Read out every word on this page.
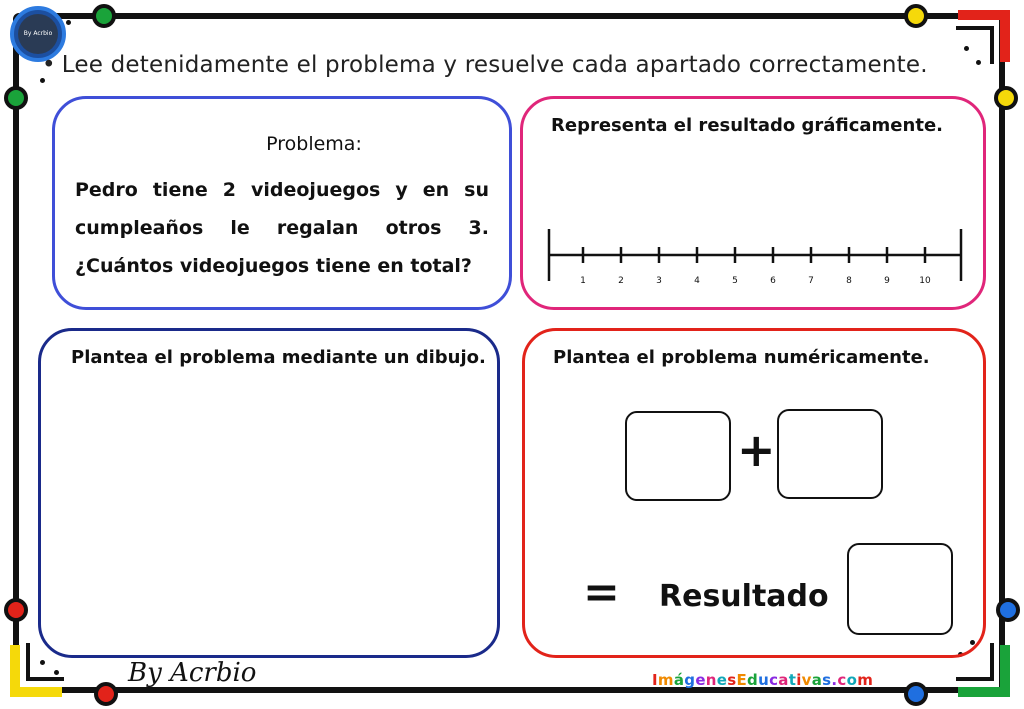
By Acrbio
• Lee detenidamente el problema y resuelve cada apartado correctamente.
Problema:
Pedro tiene 2 videojuegos y en su cumpleaños le regalan otros 3. ¿Cuántos videojuegos tiene en total?
Representa el resultado gráficamente.
1	2	3	4	5	6	7	8	9	10
Plantea el problema mediante un dibujo.	Plantea el problema numéricamente.
+
= Resultado
By Acrbio	ImágenesEducativas.com
